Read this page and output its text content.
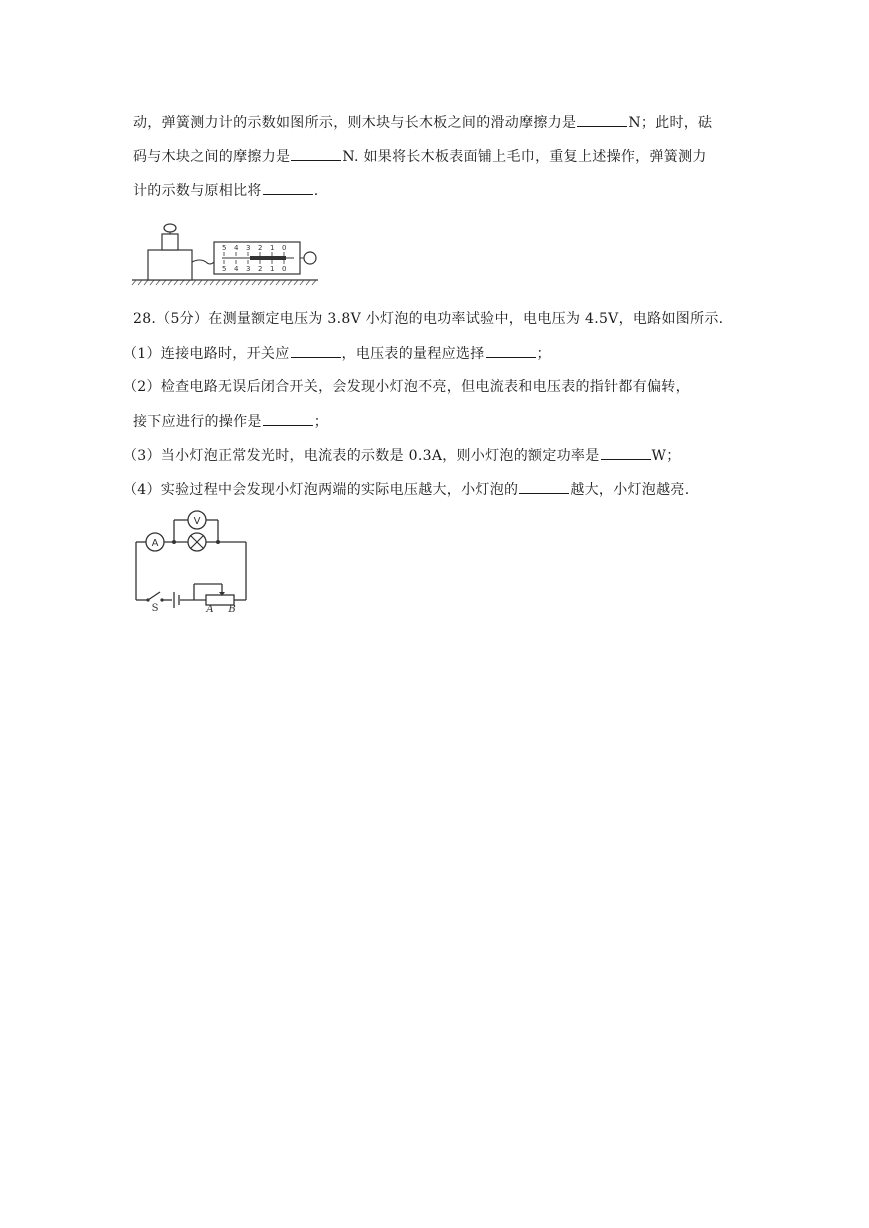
动，弹簧测力计的示数如图所示，则木块与长木板之间的滑动摩擦力是	N；此时，砝
码与木块之间的摩擦力是	N. 如果将长木板表面铺上毛巾，重复上述操作，弹簧测力
计的示数与原相比将	.
5 4 3 2 1 0
5 4 3 2 1 0
28.（5分）在测量额定电压为 3.8V 小灯泡的电功率试验中，电电压为 4.5V，电路如图所示.
（1）连接电路时，开关应	，电压表的量程应选择	；
（2）检查电路无误后闭合开关，会发现小灯泡不亮，但电流表和电压表的指针都有偏转，
接下应进行的操作是	；
（3）当小灯泡正常发光时，电流表的示数是 0.3A，则小灯泡的额定功率是	W；
（4）实验过程中会发现小灯泡两端的实际电压越大，小灯泡的	越大，小灯泡越亮.
A
V
S	A B
